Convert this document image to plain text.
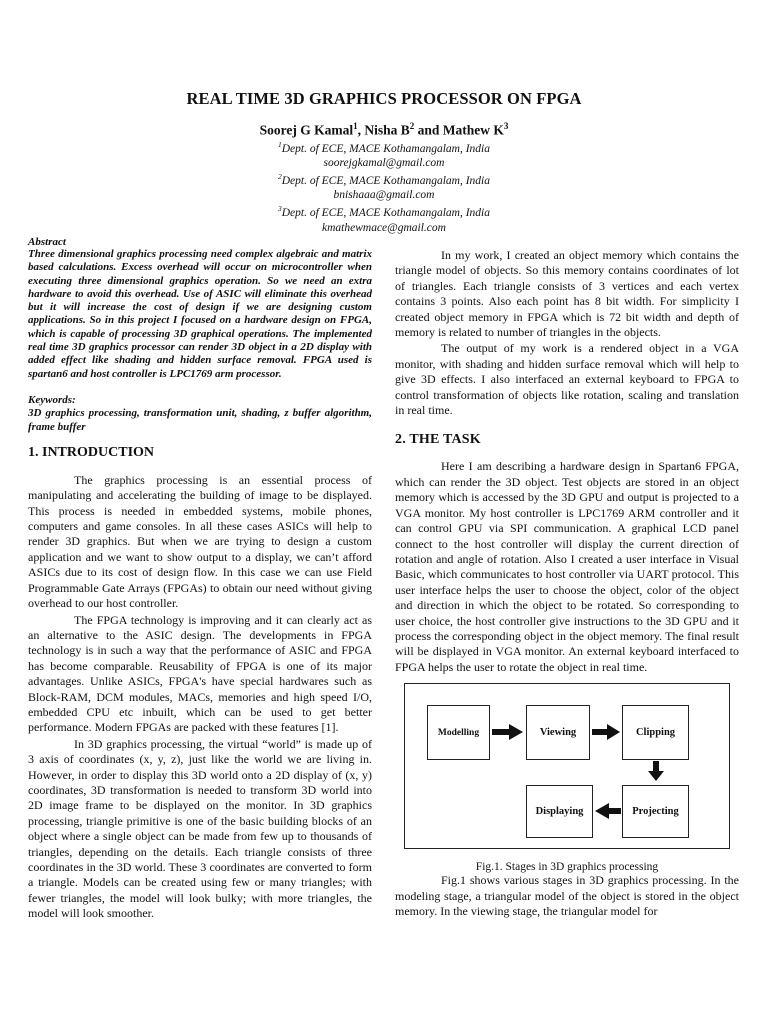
REAL TIME 3D GRAPHICS PROCESSOR ON FPGA
Soorej G Kamal$^1$, Nisha $B^2$ and Mathew $K^3$
$^1$Dept. of ECE, MACE Kothamangalam, India
soorejgkamal@gmail.com
$^2$Dept. of ECE, MACE Kothamangalam, India
bnishaaa@gmail.com
$^3$Dept. of ECE, MACE Kothamangalam, India
kmathewmace@gmail.com
Abstract
Three dimensional graphics processing need complex algebraic and matrix based calculations. Excess overhead will occur on microcontroller when executing three dimensional graphics operation. So we need an extra hardware to avoid this overhead. Use of ASIC will eliminate this overhead but it will increase the cost of design if we are designing custom applications. So in this project I focused on a hardware design on FPGA, which is capable of processing 3D graphical operations. The implemented real time 3D graphics processor can render 3D object in a 2D display with added effect like shading and hidden surface removal. FPGA used is spartan6 and host controller is LPC1769 arm processor.
Keywords:
3D graphics processing, transformation unit, shading, z buffer algorithm, frame buffer
1. INTRODUCTION

The graphics processing is an essential process of manipulating and accelerating the building of image to be displayed. This process is needed in embedded systems, mobile phones, computers and game consoles. In all these cases ASICs will help to render 3D graphics. But when we are trying to design a custom application and we want to show output to a display, we can’t afford ASICs due to its cost of design flow. In this case we can use Field Programmable Gate Arrays (FPGAs) to obtain our need without giving overhead to our host controller.

The FPGA technology is improving and it can clearly act as an alternative to the ASIC design. The developments in FPGA technology is in such a way that the performance of ASIC and FPGA has become comparable. Reusability of FPGA is one of its major advantages. Unlike ASICs, FPGA's have special hardwares such as Block-RAM, DCM modules, MACs, memories and high speed I/O, embedded CPU etc inbuilt, which can be used to get better performance. Modern FPGAs are packed with these features [1].

In 3D graphics processing, the virtual “world” is made up of 3 axis of coordinates (x, y, z), just like the world we are living in. However, in order to display this 3D world onto a 2D display of (x, y) coordinates, 3D transformation is needed to transform 3D world into 2D image frame to be displayed on the monitor. In 3D graphics processing, triangle primitive is one of the basic building blocks of an object where a single object can be made from few up to thousands of triangles, depending on the details. Each triangle consists of three coordinates in the 3D world. These 3 coordinates are converted to form a triangle. Models can be created using few or many triangles; with fewer triangles, the model will look bulky; with more triangles, the model will look smoother.

In my work, I created an object memory which contains the triangle model of objects. So this memory contains coordinates of lot of triangles. Each triangle consists of 3 vertices and each vertex contains 3 points. Also each point has 8 bit width. For simplicity I created object memory in FPGA which is 72 bit width and depth of memory is related to number of triangles in the objects.

The output of my work is a rendered object in a VGA monitor, with shading and hidden surface removal which will help to give 3D effects. I also interfaced an external keyboard to FPGA to control transformation of objects like rotation, scaling and translation in real time.

2. THE TASK

Here I am describing a hardware design in Spartan6 FPGA, which can render the 3D object. Test objects are stored in an object memory which is accessed by the 3D GPU and output is projected to a VGA monitor. My host controller is LPC1769 ARM controller and it can control GPU via SPI communication. A graphical LCD panel connect to the host controller will display the current direction of rotation and angle of rotation. Also I created a user interface in Visual Basic, which communicates to host controller via UART protocol. This user interface helps the user to choose the object, color of the object and direction in which the object to be rotated. So corresponding to user choice, the host controller give instructions to the 3D GPU and it process the corresponding object in the object memory. The final result will be displayed in VGA monitor. An external keyboard interfaced to FPGA helps the user to rotate the object in real time.

Modelling	Viewing	Clipping
Projecting
Displaying
Fig.1. Stages in 3D graphics processing

Fig.1 shows various stages in 3D graphics processing. In the modeling stage, a triangular model of the object is stored in the object memory. In the viewing stage, the triangular model for
